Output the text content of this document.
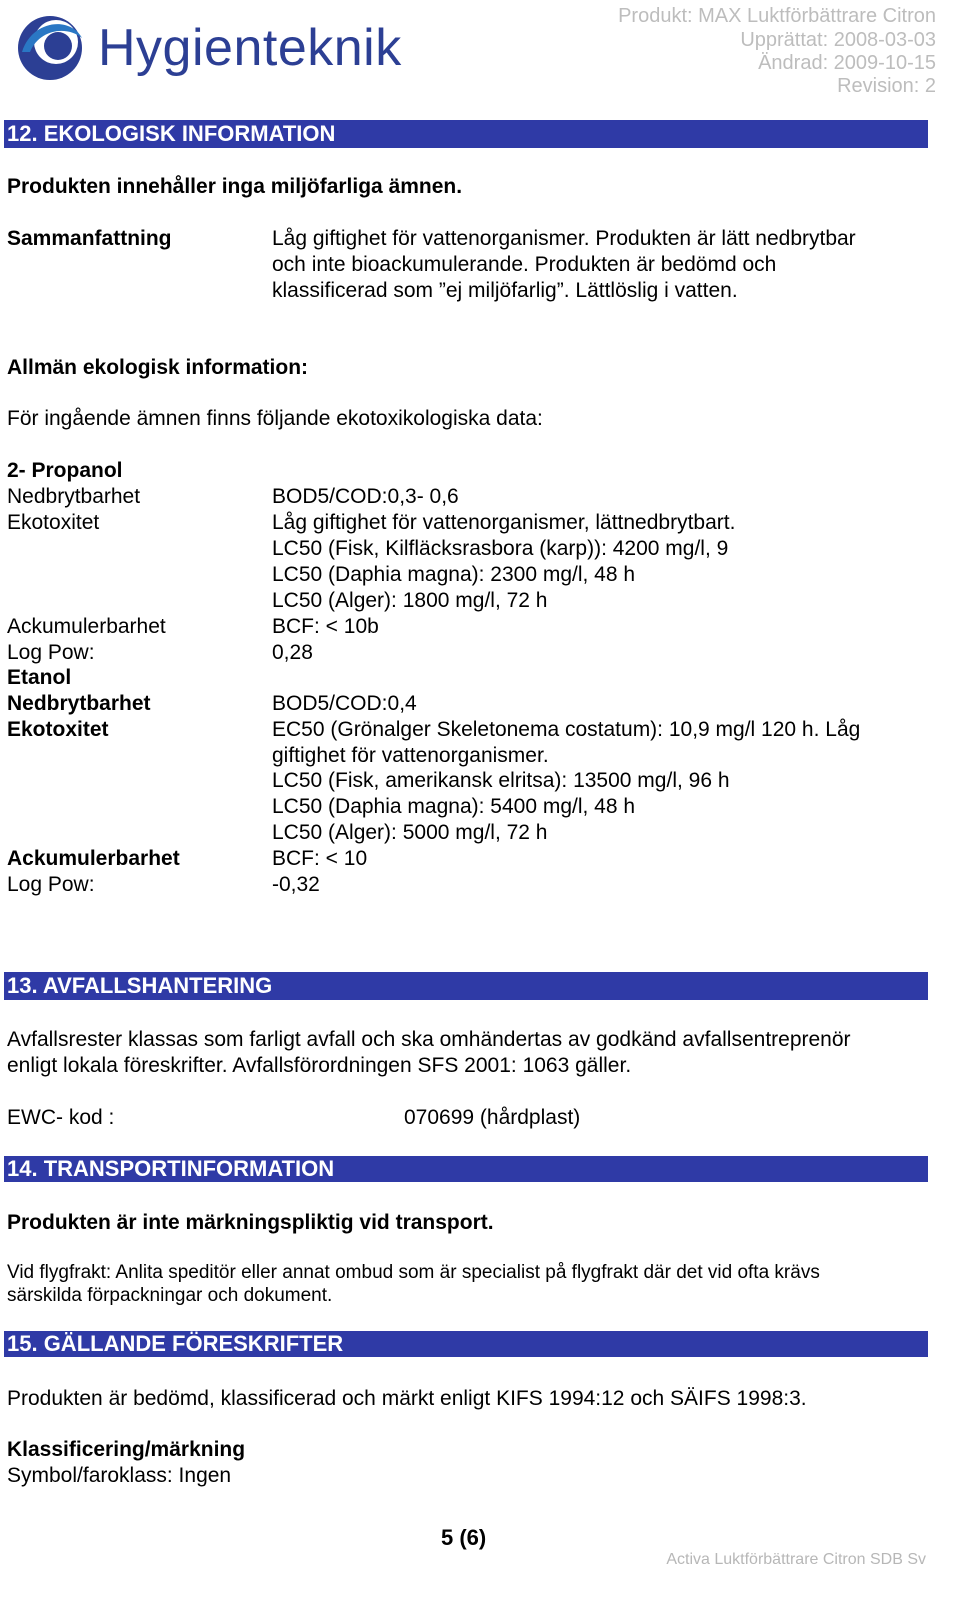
Hygienteknik
Produkt: MAX Luktförbättrare Citron
Upprättat: 2008-03-03
Ändrad: 2009-10-15
Revision: 2
12. EKOLOGISK INFORMATION
Produkten innehåller inga miljöfarliga ämnen.
Sammanfattning	Låg giftighet för vattenorganismer. Produkten är lätt nedbrytbar
och inte bioackumulerande. Produkten är bedömd och
klassificerad som ”ej miljöfarlig”. Lättlöslig i vatten.
Allmän ekologisk information:
För ingående ämnen finns följande ekotoxikologiska data:
2- Propanol
Nedbrytbarhet	BOD5/COD:0,3- 0,6
Ekotoxitet	Låg giftighet för vattenorganismer, lättnedbrytbart.
LC50 (Fisk, Kilfläcksrasbora (karp)): 4200 mg/l, 9
LC50 (Daphia magna): 2300 mg/l, 48 h
LC50 (Alger): 1800 mg/l, 72 h
Ackumulerbarhet	BCF: < 10b
Log Pow:	0,28
Etanol
Nedbrytbarhet	BOD5/COD:0,4
Ekotoxitet	EC50 (Grönalger Skeletonema costatum): 10,9 mg/l 120 h. Låg
giftighet för vattenorganismer.
LC50 (Fisk, amerikansk elritsa): 13500 mg/l, 96 h
LC50 (Daphia magna): 5400 mg/l, 48 h
LC50 (Alger): 5000 mg/l, 72 h
Ackumulerbarhet	BCF: < 10
Log Pow:	-0,32
13. AVFALLSHANTERING
Avfallsrester klassas som farligt avfall och ska omhändertas av godkänd avfallsentreprenör
enligt lokala föreskrifter. Avfallsförordningen SFS 2001: 1063 gäller.
EWC- kod :	070699 (hårdplast)
14. TRANSPORTINFORMATION
Produkten är inte märkningspliktig vid transport.
Vid flygfrakt: Anlita speditör eller annat ombud som är specialist på flygfrakt där det vid ofta krävs
särskilda förpackningar och dokument.
15. GÄLLANDE FÖRESKRIFTER
Produkten är bedömd, klassificerad och märkt enligt KIFS 1994:12 och SÄIFS 1998:3.
Klassificering/märkning
Symbol/faroklass: Ingen
5 (6)
Activa Luktförbättrare Citron SDB Sv
